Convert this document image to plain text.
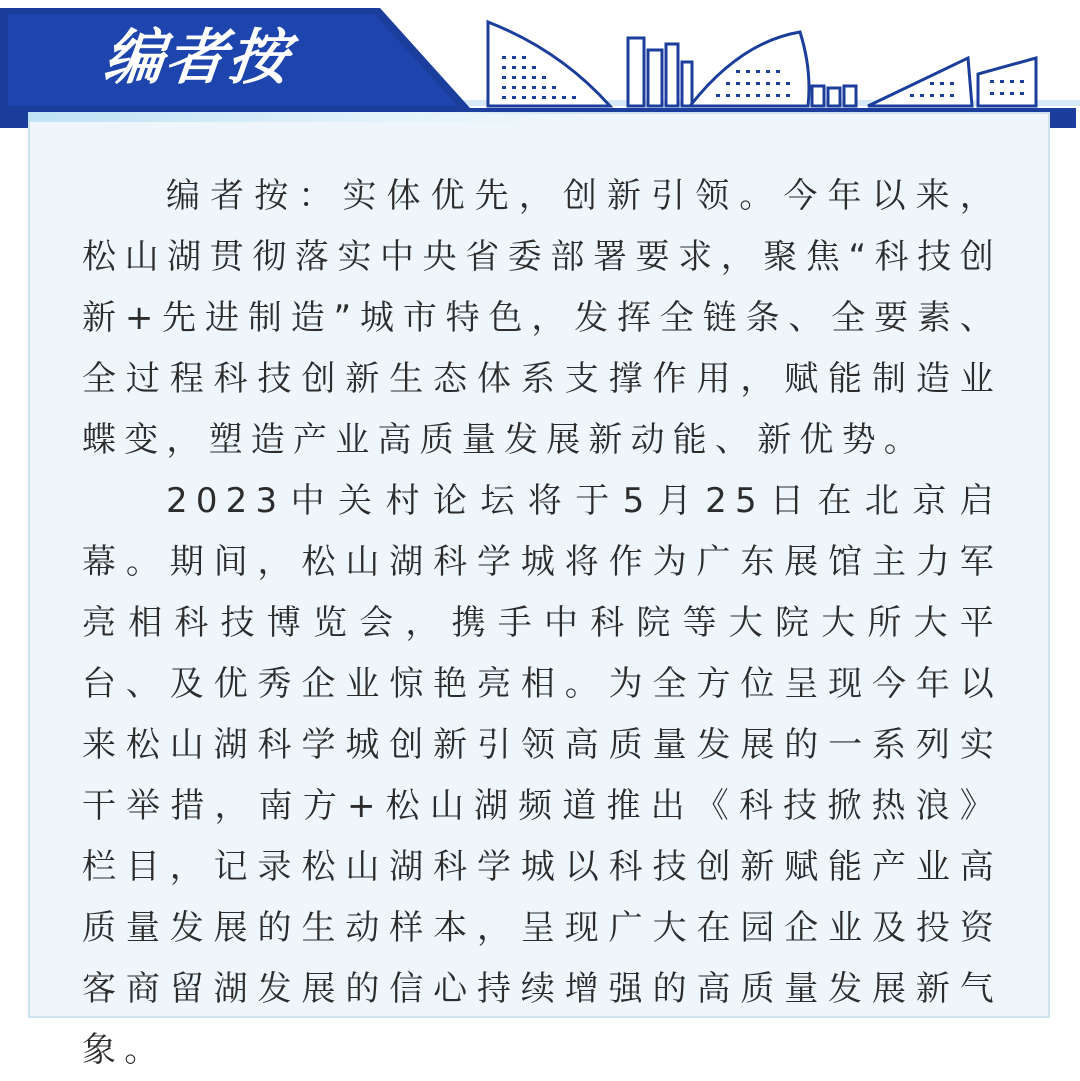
编者按

编者按：实体优先，创新引领。今年以来，松山湖贯彻落实中央省委部署要求，聚焦“科技创新+先进制造”城市特色，发挥全链条、全要素、全过程科技创新生态体系支撑作用，赋能制造业蝶变，塑造产业高质量发展新动能、新优势。

2023中关村论坛将于5月25日在北京启幕。期间，松山湖科学城将作为广东展馆主力军亮相科技博览会，携手中科院等大院大所大平台、及优秀企业惊艳亮相。为全方位呈现今年以来松山湖科学城创新引领高质量发展的一系列实干举措，南方+松山湖频道推出《科技掀热浪》栏目，记录松山湖科学城以科技创新赋能产业高质量发展的生动样本，呈现广大在园企业及投资客商留湖发展的信心持续增强的高质量发展新气象。
